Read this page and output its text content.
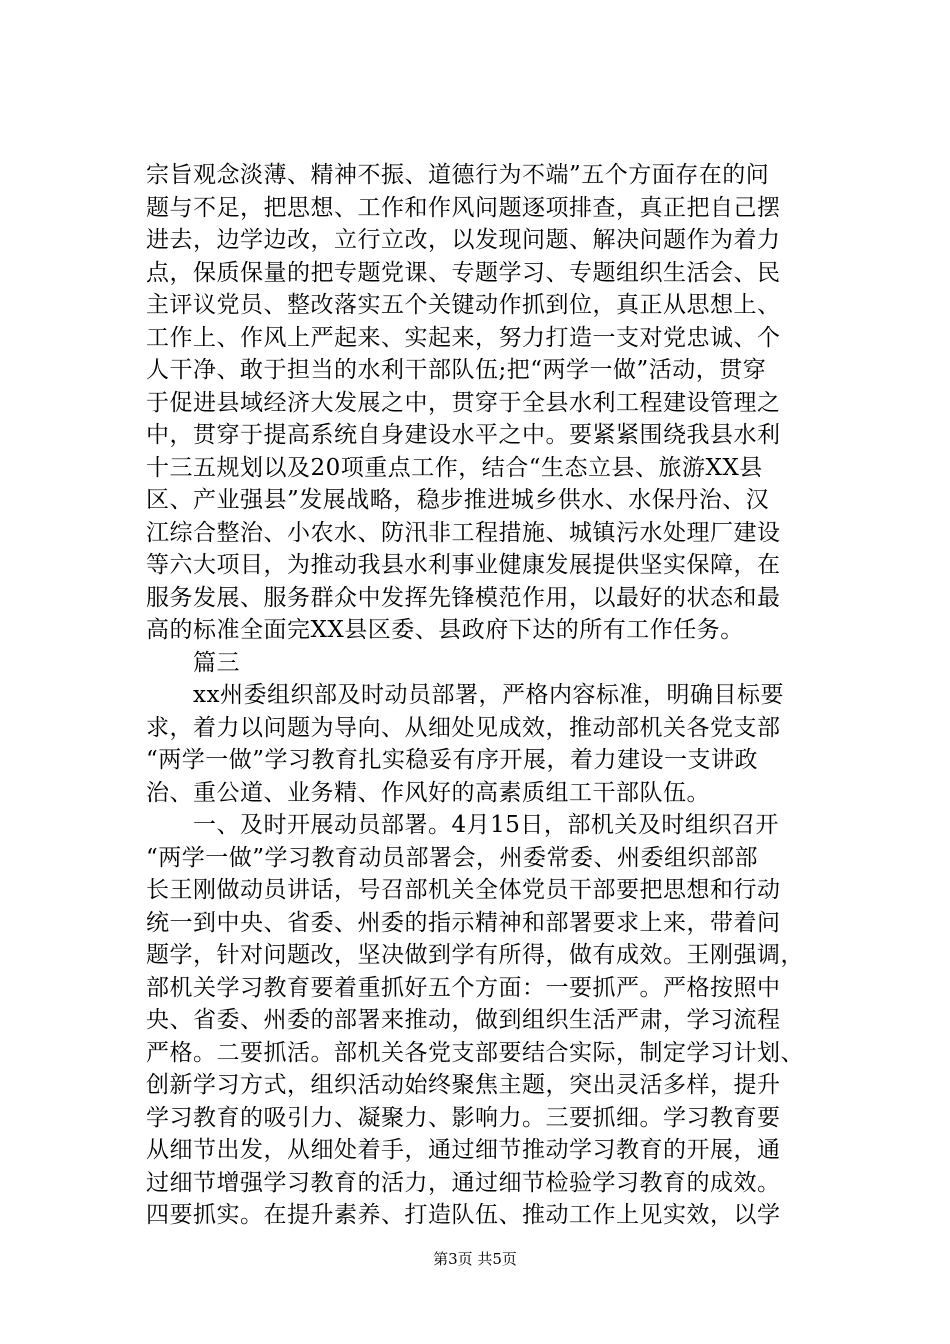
宗旨观念淡薄、精神不振、道德行为不端”五个方面存在的问
题与不足，把思想、工作和作风问题逐项排查，真正把自己摆
进去，边学边改，立行立改，以发现问题、解决问题作为着力
点，保质保量的把专题党课、专题学习、专题组织生活会、民
主评议党员、整改落实五个关键动作抓到位，真正从思想上、
工作上、作风上严起来、实起来，努力打造一支对党忠诚、个
人干净、敢于担当的水利干部队伍;把“两学一做”活动，贯穿
于促进县域经济大发展之中，贯穿于全县水利工程建设管理之
中，贯穿于提高系统自身建设水平之中。要紧紧围绕我县水利
十三五规划以及20项重点工作，结合“生态立县、旅游XX县
区、产业强县”发展战略，稳步推进城乡供水、水保丹治、汉
江综合整治、小农水、防汛非工程措施、城镇污水处理厂建设
等六大项目，为推动我县水利事业健康发展提供坚实保障，在
服务发展、服务群众中发挥先锋模范作用，以最好的状态和最
高的标准全面完XX县区委、县政府下达的所有工作任务。
　　篇三
　　xx州委组织部及时动员部署，严格内容标准，明确目标要
求，着力以问题为导向、从细处见成效，推动部机关各党支部
“两学一做”学习教育扎实稳妥有序开展，着力建设一支讲政
治、重公道、业务精、作风好的高素质组工干部队伍。
　　一、及时开展动员部署。4月15日，部机关及时组织召开
“两学一做”学习教育动员部署会，州委常委、州委组织部部
长王刚做动员讲话，号召部机关全体党员干部要把思想和行动
统一到中央、省委、州委的指示精神和部署要求上来，带着问
题学，针对问题改，坚决做到学有所得，做有成效。王刚强调，
部机关学习教育要着重抓好五个方面：一要抓严。严格按照中
央、省委、州委的部署来推动，做到组织生活严肃，学习流程
严格。二要抓活。部机关各党支部要结合实际，制定学习计划、
创新学习方式，组织活动始终聚焦主题，突出灵活多样，提升
学习教育的吸引力、凝聚力、影响力。三要抓细。学习教育要
从细节出发，从细处着手，通过细节推动学习教育的开展，通
过细节增强学习教育的活力，通过细节检验学习教育的成效。
四要抓实。在提升素养、打造队伍、推动工作上见实效，以学
第3页 共5页
